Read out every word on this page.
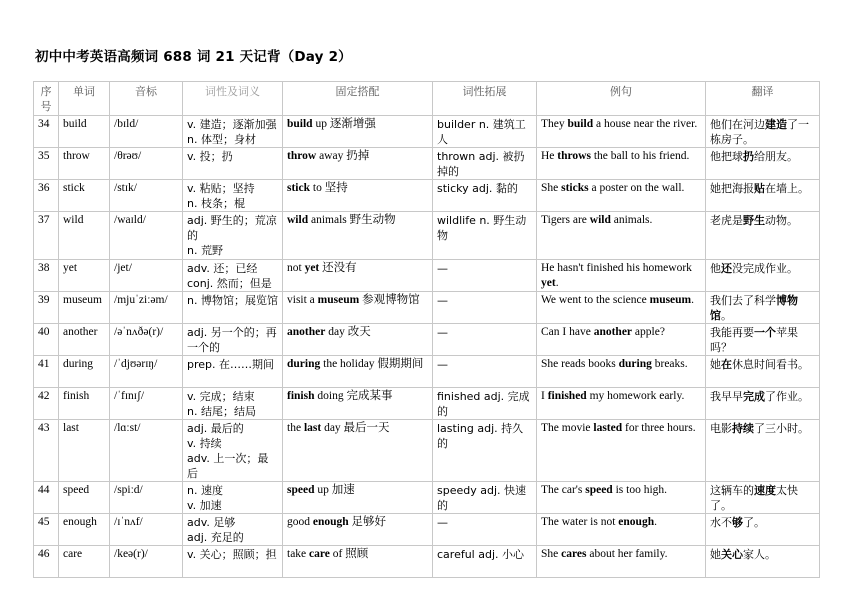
初中中考英语高频词 688 词 21 天记背（Day 2）
序号	单词	音标	词性及词义	固定搭配	词性拓展	例句	翻译
34	build	/bɪld/	v. 建造；逐渐加强
n. 体型；身材	build up 逐渐增强	builder n. 建筑工人	They build a house near the river.	他们在河边建造了一栋房子。
35	throw	/θrəʊ/	v. 投；扔	throw away 扔掉	thrown adj. 被扔掉的	He throws the ball to his friend.	他把球扔给朋友。
36	stick	/stɪk/	v. 粘贴；坚持
n. 枝条；棍	stick to 坚持	sticky adj. 黏的	She sticks a poster on the wall.	她把海报贴在墙上。
37	wild	/waɪld/	adj. 野生的；荒凉的
n. 荒野	wild animals 野生动物	wildlife n. 野生动物	Tigers are wild animals.	老虎是野生动物。
38	yet	/jet/	adv. 还；已经
conj. 然而；但是	not yet 还没有	—	He hasn't finished his homework yet.	他还没完成作业。
39	museum	/mjuˈziːəm/	n. 博物馆；展览馆	visit a museum 参观博物馆	—	We went to the science museum.	我们去了科学博物馆。
40	another	/əˈnʌðə(r)/	adj. 另一个的；再一个的	another day 改天	—	Can I have another apple?	我能再要一个苹果吗？
41	during	/ˈdjʊərɪŋ/	prep. 在……期间	during the holiday 假期期间	—	She reads books during breaks.	她在休息时间看书。
42	finish	/ˈfɪnɪʃ/	v. 完成；结束
n. 结尾；结局	finish doing 完成某事	finished adj. 完成的	I finished my homework early.	我早早完成了作业。
43	last	/lɑːst/	adj. 最后的
v. 持续
adv. 上一次；最后	the last day 最后一天	lasting adj. 持久的	The movie lasted for three hours.	电影持续了三小时。
44	speed	/spiːd/	n. 速度
v. 加速	speed up 加速	speedy adj. 快速的	The car's speed is too high.	这辆车的速度太快了。
45	enough	/ɪˈnʌf/	adv. 足够
adj. 充足的	good enough 足够好	—	The water is not enough.	水不够了。
46	care	/keə(r)/	v. 关心；照顾；担	take care of 照顾	careful adj. 小心	She cares about her family.	她关心家人。
